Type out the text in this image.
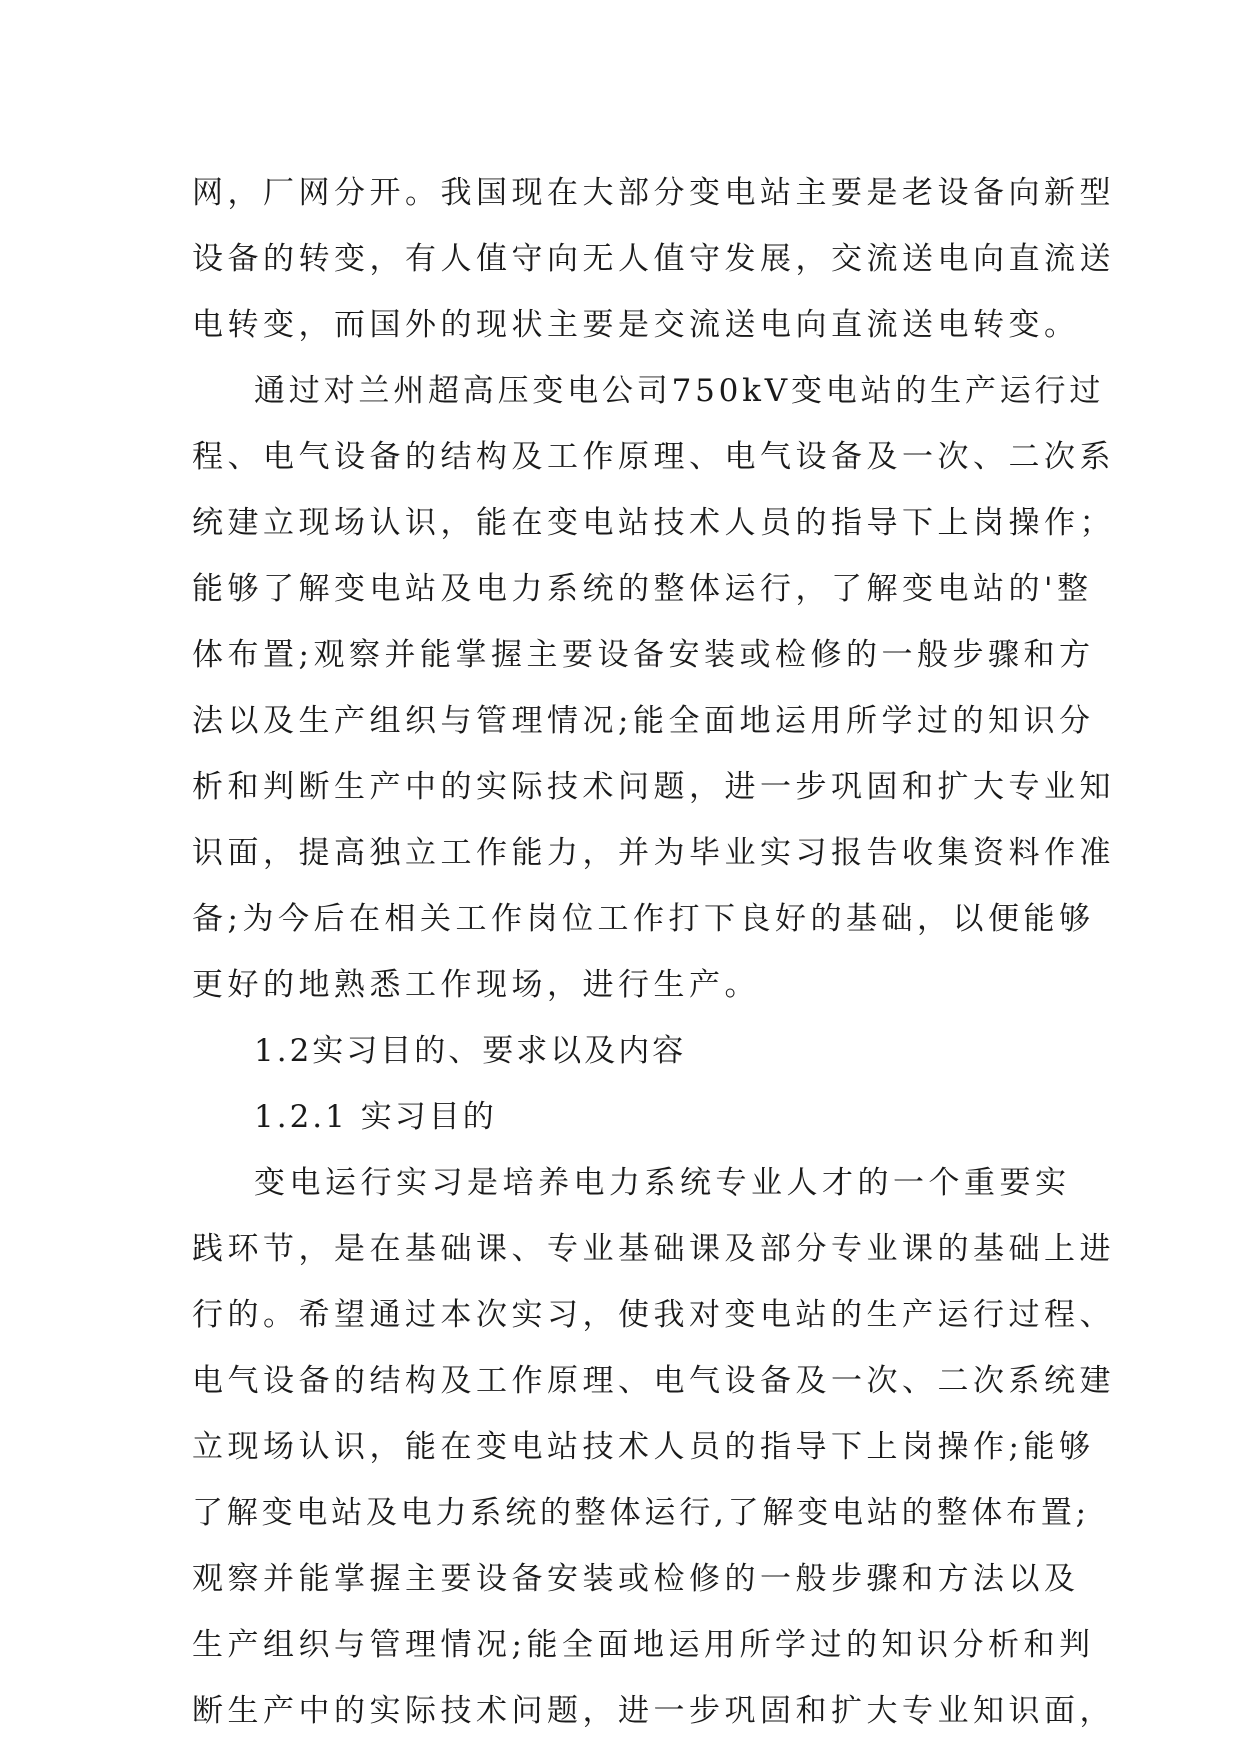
网，厂网分开。我国现在大部分变电站主要是老设备向新型
设备的转变，有人值守向无人值守发展，交流送电向直流送
电转变，而国外的现状主要是交流送电向直流送电转变。
通过对兰州超高压变电公司750kV变电站的生产运行过
程、电气设备的结构及工作原理、电气设备及一次、二次系
统建立现场认识，能在变电站技术人员的指导下上岗操作；
能够了解变电站及电力系统的整体运行，了解变电站的'整
体布置;观察并能掌握主要设备安装或检修的一般步骤和方
法以及生产组织与管理情况;能全面地运用所学过的知识分
析和判断生产中的实际技术问题，进一步巩固和扩大专业知
识面，提高独立工作能力，并为毕业实习报告收集资料作准
备;为今后在相关工作岗位工作打下良好的基础，以便能够
更好的地熟悉工作现场，进行生产。
1.2实习目的、要求以及内容
1.2.1 实习目的
变电运行实习是培养电力系统专业人才的一个重要实
践环节，是在基础课、专业基础课及部分专业课的基础上进
行的。希望通过本次实习，使我对变电站的生产运行过程、
电气设备的结构及工作原理、电气设备及一次、二次系统建
立现场认识，能在变电站技术人员的指导下上岗操作;能够
了解变电站及电力系统的整体运行,了解变电站的整体布置;
观察并能掌握主要设备安装或检修的一般步骤和方法以及
生产组织与管理情况;能全面地运用所学过的知识分析和判
断生产中的实际技术问题，进一步巩固和扩大专业知识面，
